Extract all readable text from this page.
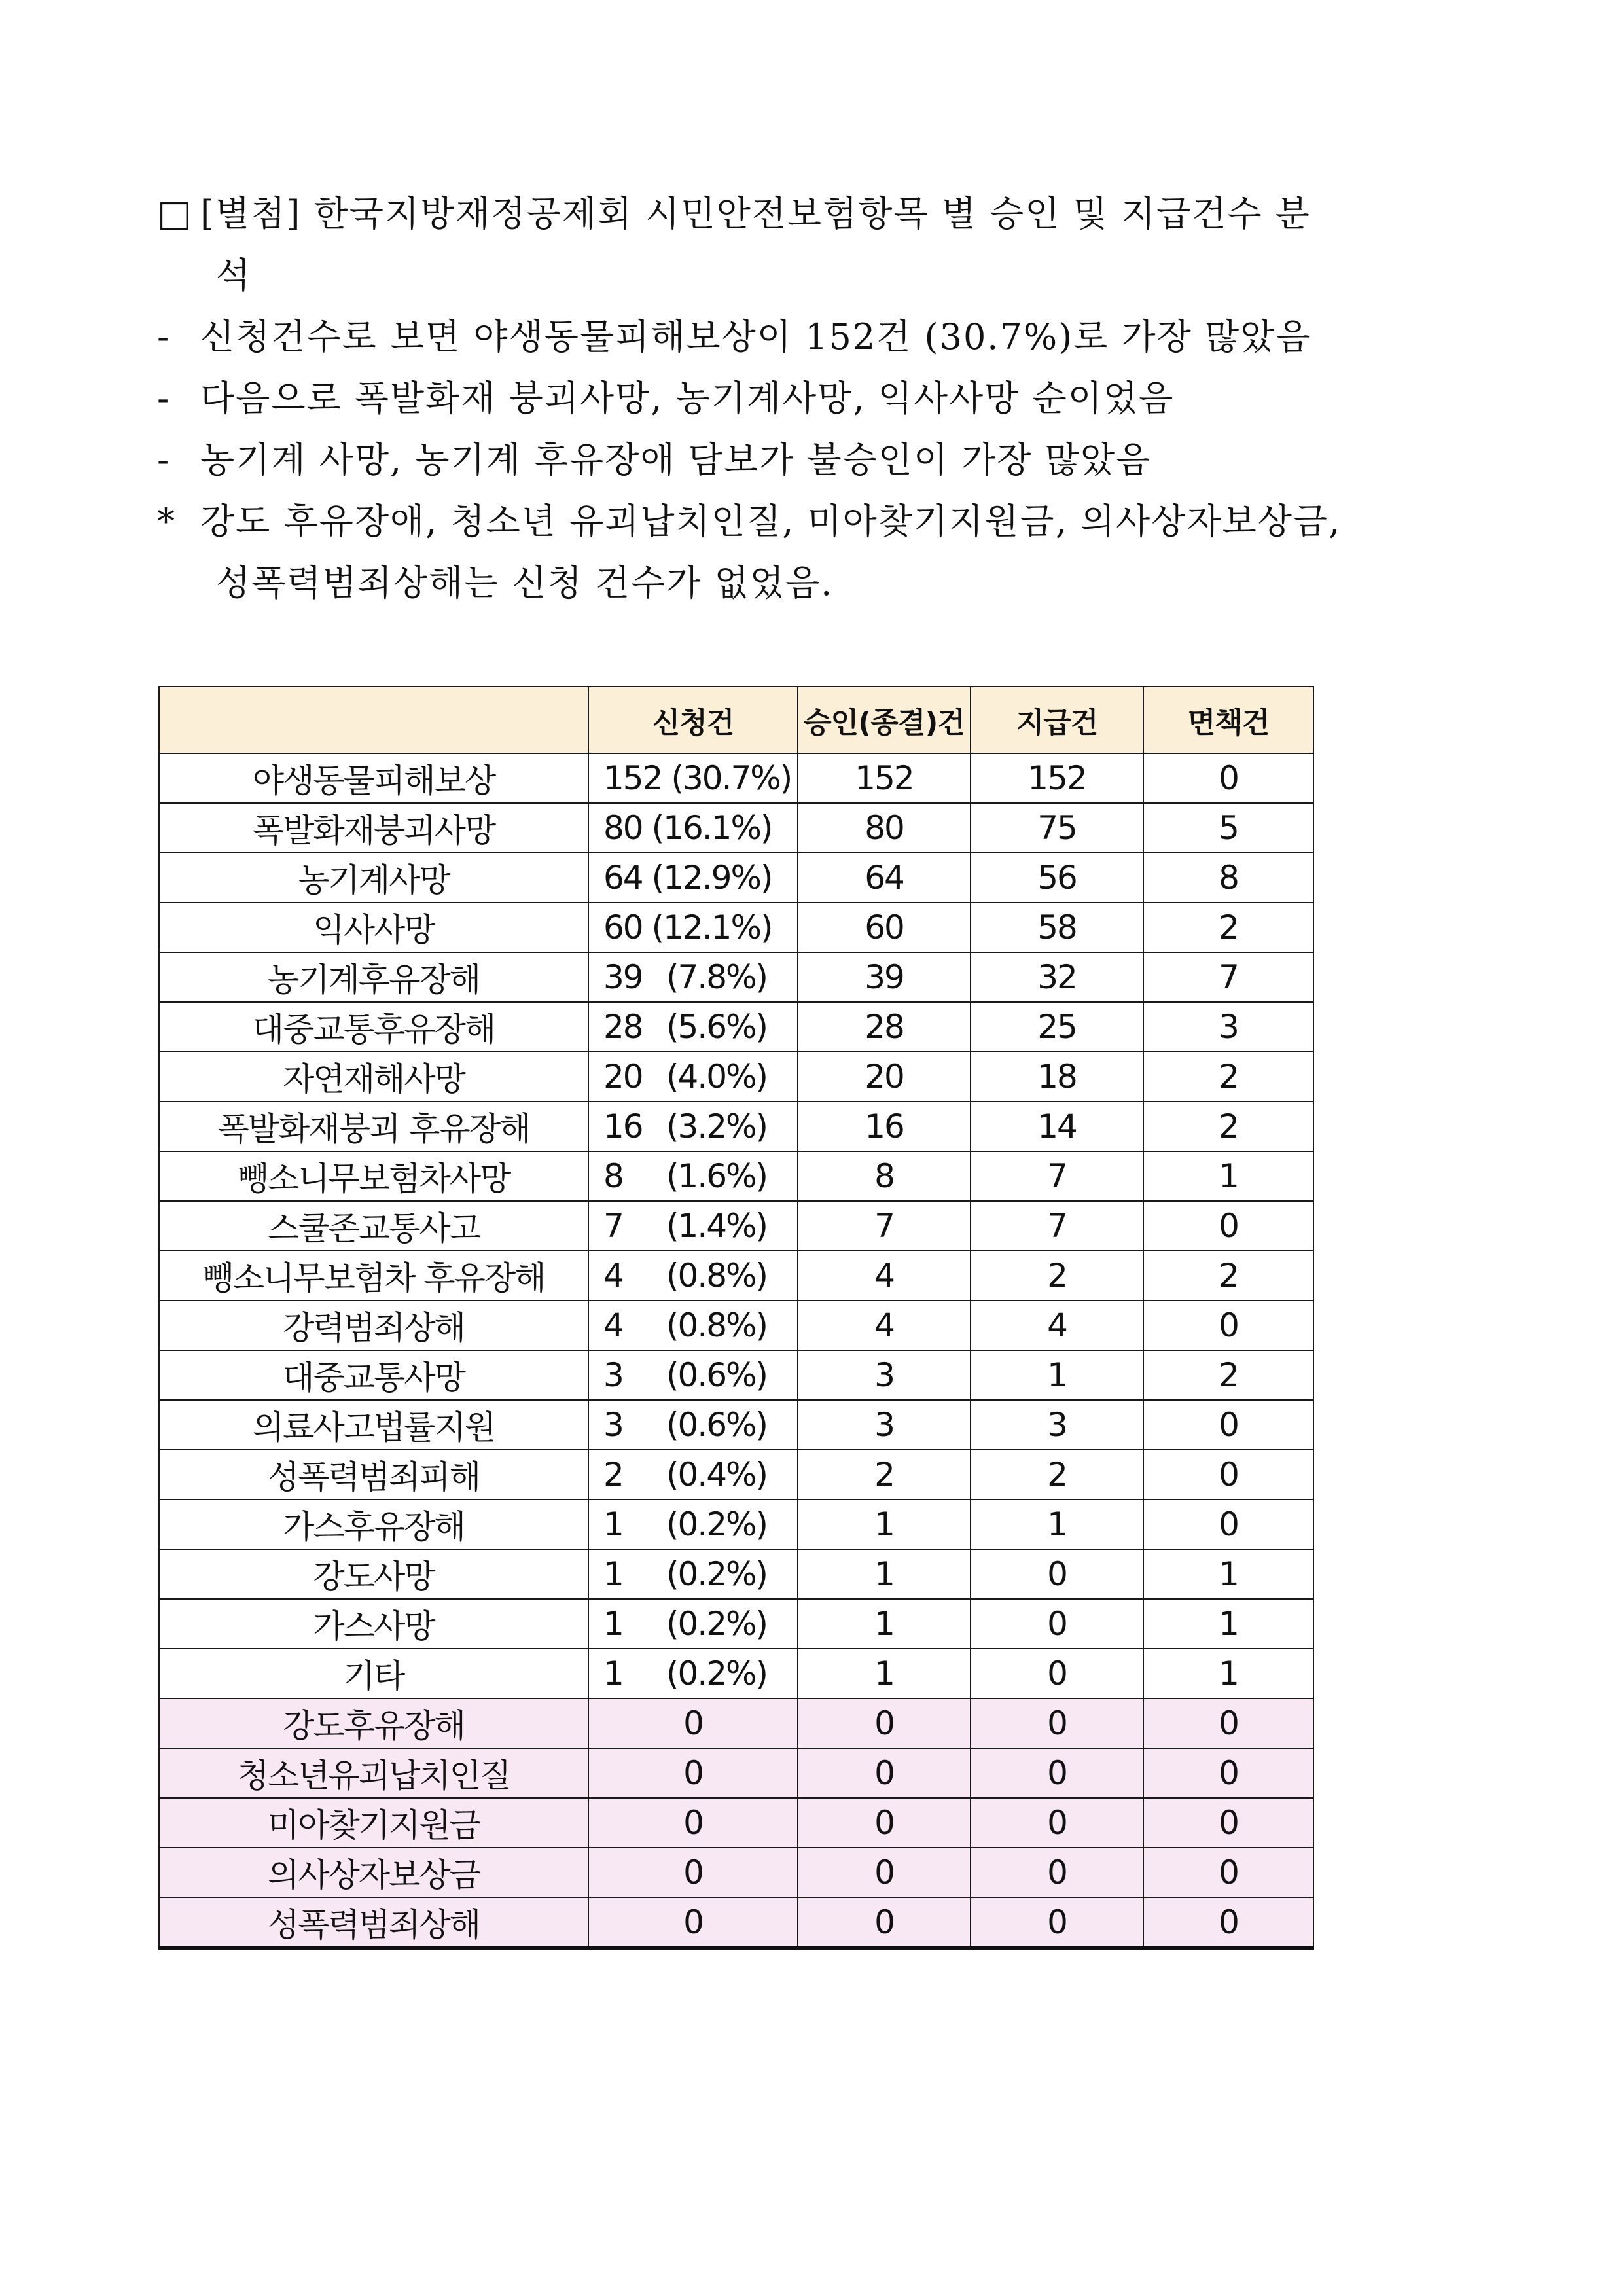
□ [별첨] 한국지방재정공제회 시민안전보험항목 별 승인 및 지급건수 분
석
- 신청건수로 보면 야생동물피해보상이 152건 (30.7%)로 가장 많았음
- 다음으로 폭발화재 붕괴사망, 농기계사망, 익사사망 순이었음
- 농기계 사망, 농기계 후유장애 담보가 불승인이 가장 많았음
* 강도 후유장애, 청소년 유괴납치인질, 미아찾기지원금, 의사상자보상금,
성폭력범죄상해는 신청 건수가 없었음.
	신청건	승인(종결)건	지급건	면책건
야생동물피해보상	152 (30.7%)	152	152	0
폭발화재붕괴사망	80 (16.1%)	80	75	5
농기계사망	64 (12.9%)	64	56	8
익사사망	60 (12.1%)	60	58	2
농기계후유장해	39 (7.8%)	39	32	7
대중교통후유장해	28 (5.6%)	28	25	3
자연재해사망	20 (4.0%)	20	18	2
폭발화재붕괴 후유장해	16 (3.2%)	16	14	2
뺑소니무보험차사망	8 (1.6%)	8	7	1
스쿨존교통사고	7 (1.4%)	7	7	0
뺑소니무보험차 후유장해	4 (0.8%)	4	2	2
강력범죄상해	4 (0.8%)	4	4	0
대중교통사망	3 (0.6%)	3	1	2
의료사고법률지원	3 (0.6%)	3	3	0
성폭력범죄피해	2 (0.4%)	2	2	0
가스후유장해	1 (0.2%)	1	1	0
강도사망	1 (0.2%)	1	0	1
가스사망	1 (0.2%)	1	0	1
기타	1 (0.2%)	1	0	1
강도후유장해	0	0	0	0
청소년유괴납치인질	0	0	0	0
미아찾기지원금	0	0	0	0
의사상자보상금	0	0	0	0
성폭력범죄상해	0	0	0	0
